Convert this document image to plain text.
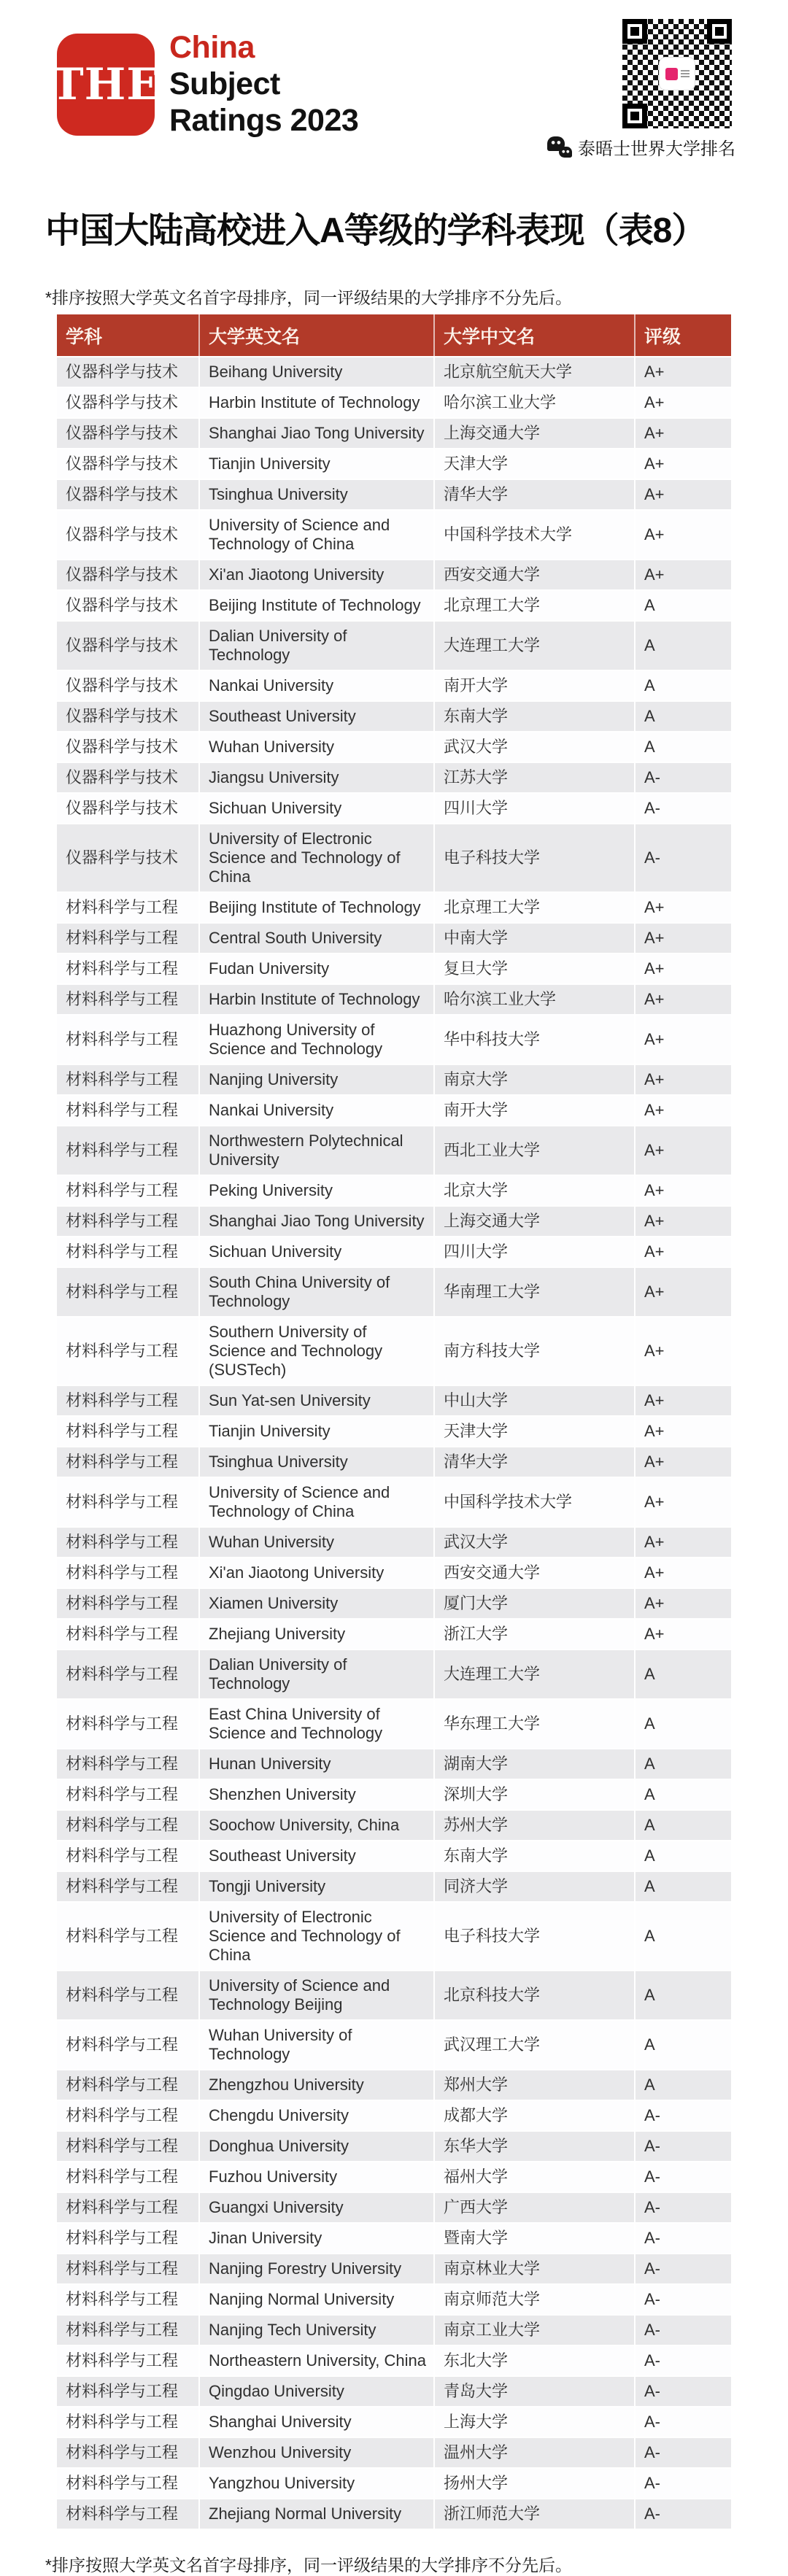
THE
China
Subject
Ratings 2023
泰晤士世界大学排名
中国大陆高校进入A等级的学科表现（表8）

*排序按照大学英文名首字母排序，同一评级结果的大学排序不分先后。

学科	大学英文名	大学中文名	评级
仪器科学与技术	Beihang University	北京航空航天大学	A+
仪器科学与技术	Harbin Institute of Technology	哈尔滨工业大学	A+
仪器科学与技术	Shanghai Jiao Tong University	上海交通大学	A+
仪器科学与技术	Tianjin University	天津大学	A+
仪器科学与技术	Tsinghua University	清华大学	A+
仪器科学与技术	University of Science and Technology of China	中国科学技术大学	A+
仪器科学与技术	Xi'an Jiaotong University	西安交通大学	A+
仪器科学与技术	Beijing Institute of Technology	北京理工大学	A
仪器科学与技术	Dalian University of Technology	大连理工大学	A
仪器科学与技术	Nankai University	南开大学	A
仪器科学与技术	Southeast University	东南大学	A
仪器科学与技术	Wuhan University	武汉大学	A
仪器科学与技术	Jiangsu University	江苏大学	A-
仪器科学与技术	Sichuan University	四川大学	A-
仪器科学与技术	University of Electronic Science and Technology of China	电子科技大学	A-
材料科学与工程	Beijing Institute of Technology	北京理工大学	A+
材料科学与工程	Central South University	中南大学	A+
材料科学与工程	Fudan University	复旦大学	A+
材料科学与工程	Harbin Institute of Technology	哈尔滨工业大学	A+
材料科学与工程	Huazhong University of Science and Technology	华中科技大学	A+
材料科学与工程	Nanjing University	南京大学	A+
材料科学与工程	Nankai University	南开大学	A+
材料科学与工程	Northwestern Polytechnical University	西北工业大学	A+
材料科学与工程	Peking University	北京大学	A+
材料科学与工程	Shanghai Jiao Tong University	上海交通大学	A+
材料科学与工程	Sichuan University	四川大学	A+
材料科学与工程	South China University of Technology	华南理工大学	A+
材料科学与工程	Southern University of Science and Technology (SUSTech)	南方科技大学	A+
材料科学与工程	Sun Yat-sen University	中山大学	A+
材料科学与工程	Tianjin University	天津大学	A+
材料科学与工程	Tsinghua University	清华大学	A+
材料科学与工程	University of Science and Technology of China	中国科学技术大学	A+
材料科学与工程	Wuhan University	武汉大学	A+
材料科学与工程	Xi'an Jiaotong University	西安交通大学	A+
材料科学与工程	Xiamen University	厦门大学	A+
材料科学与工程	Zhejiang University	浙江大学	A+
材料科学与工程	Dalian University of Technology	大连理工大学	A
材料科学与工程	East China University of Science and Technology	华东理工大学	A
材料科学与工程	Hunan University	湖南大学	A
材料科学与工程	Shenzhen University	深圳大学	A
材料科学与工程	Soochow University, China	苏州大学	A
材料科学与工程	Southeast University	东南大学	A
材料科学与工程	Tongji University	同济大学	A
材料科学与工程	University of Electronic Science and Technology of China	电子科技大学	A
材料科学与工程	University of Science and Technology Beijing	北京科技大学	A
材料科学与工程	Wuhan University of Technology	武汉理工大学	A
材料科学与工程	Zhengzhou University	郑州大学	A
材料科学与工程	Chengdu University	成都大学	A-
材料科学与工程	Donghua University	东华大学	A-
材料科学与工程	Fuzhou University	福州大学	A-
材料科学与工程	Guangxi University	广西大学	A-
材料科学与工程	Jinan University	暨南大学	A-
材料科学与工程	Nanjing Forestry University	南京林业大学	A-
材料科学与工程	Nanjing Normal University	南京师范大学	A-
材料科学与工程	Nanjing Tech University	南京工业大学	A-
材料科学与工程	Northeastern University, China	东北大学	A-
材料科学与工程	Qingdao University	青岛大学	A-
材料科学与工程	Shanghai University	上海大学	A-
材料科学与工程	Wenzhou University	温州大学	A-
材料科学与工程	Yangzhou University	扬州大学	A-
材料科学与工程	Zhejiang Normal University	浙江师范大学	A-

*排序按照大学英文名首字母排序，同一评级结果的大学排序不分先后。
